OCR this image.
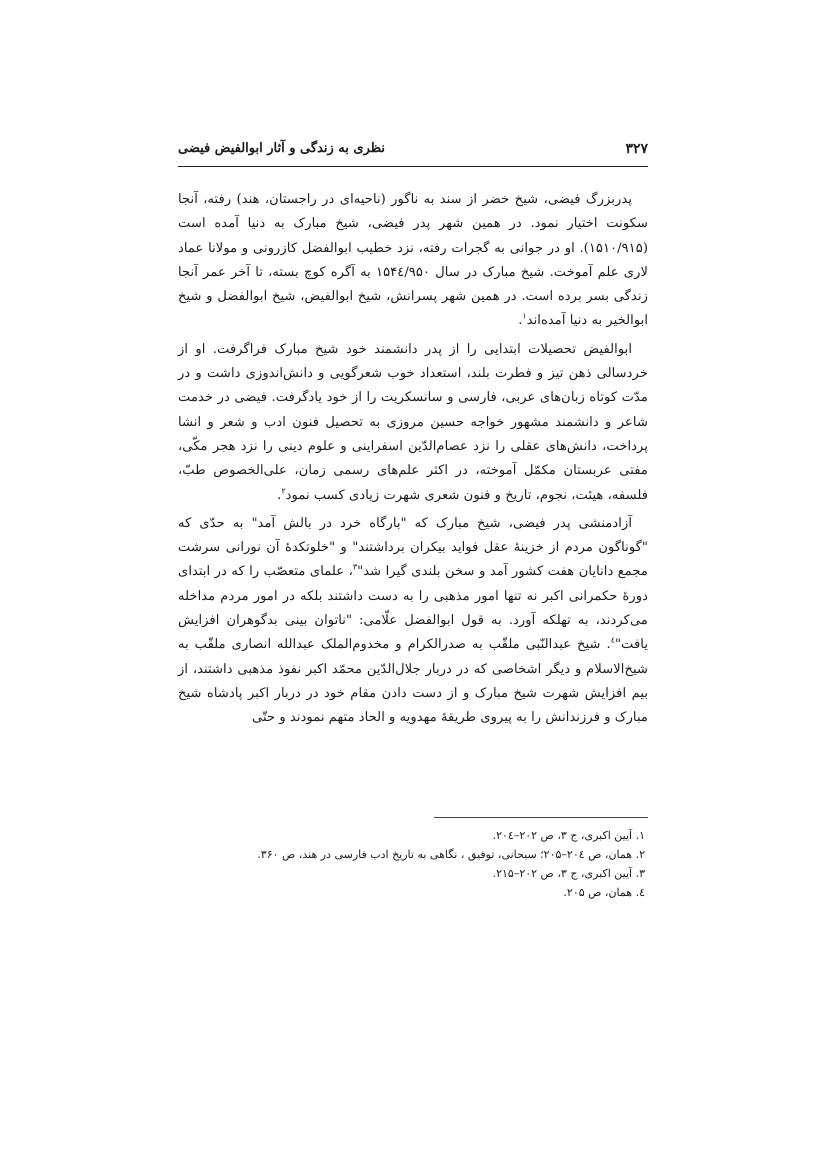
۳۲۷
نظری به زندگی و آثار ابوالفیض فیضی

پدربزرگ فیضی، شیخ خضر از سند به ناگور (ناحیه‌ای در راجستان، هند) رفته، آنجا سکونت اختیار نمود. در همین شهر پدر فیضی، شیخ مبارک به دنیا آمده است (۱۵۱۰/۹۱۵). او در جوانی به گجرات رفته، نزد خطیب ابوالفضل کازرونی و مولانا عماد لاری علم آموخت. شیخ مبارک در سال ۱۵۴٤/۹۵۰ به آگره کوچ بسته، تا آخر عمر آنجا زندگی بسر برده است. در همین شهر پسرانش، شیخ ابوالفیض، شیخ ابوالفضل و شیخ ابوالخیر به دنیا آمده‌اند$^۱$.

ابوالفیض تحصیلات ابتدایی را از پدر دانشمند خود شیخ مبارک فراگرفت. او از خردسالی ذهن تیز و فطرت بلند، استعداد خوب شعرگویی و دانش‌اندوزی داشت و در مدّت کوتاه زبان‌های عربی، فارسی و سانسکریت را از خود یادگرفت. فیضی در خدمت شاعر و دانشمند مشهور خواجه حسین مروزی به تحصیل فنون ادب و شعر و انشا پرداخت، دانش‌های عقلی را نزد عصام‌الدّین اسفراینی و علوم دینی را نزد هجر مکّی، مفتی عربستان مکمّل آموخته، در اکثر علم‌های رسمی زمان، علی‌الخصوص طبّ، فلسفه، هیئت، نجوم، تاریخ و فنون شعری شهرت زیادی کسب نمود$^۲$.

آزادمنشی پدر فیضی، شیخ مبارک که "بارگاه خرد در بالش آمد" به حدّی که "گوناگون مردم از خزینهٔ عقل فواید بیکران برداشتند" و "خلوتکدهٔ آن نورانی سرشت مجمع دانایان هفت کشور آمد و سخن بلندی گیرا شد"$^۳$، علمای متعصّب را که در ابتدای دورهٔ حکمرانی اکبر نه تنها امور مذهبی را به دست داشتند بلکه در امور مردم مداخله می‌کردند، به تهلکه آورد. به قول ابوالفضل علّامی: "ناتوان بینی بدگوهران افزایش یافت"$^٤$. شیخ عبدالنّبی ملقّب به صدرالکرام و مخدوم‌الملک عبدالله انصاری ملقّب به شیخ‌الاسلام و دیگر اشخاصی که در دربار جلال‌الدّین محمّد اکبر نفوذ مذهبی داشتند، از بیم افزایش شهرت شیخ مبارک و از دست دادن مقام خود در دربار اکبر پادشاه شیخ مبارک و فرزندانش را به پیروی طریقهٔ مهدویه و الحاد متهم نمودند و حتّی

۱. آیین اکبری، ج ۳، ص ۲۰۲–۲۰٤.

۲. همان، ص ۲۰٤–۲۰۵؛ سبحانی، توفیق ، نگاهی به تاریخ ادب فارسی در هند، ص ۳۶۰.

۳. آیین اکبری، ج ۳، ص ۲۰۲–۲۱۵.

٤. همان، ص ۲۰۵.
